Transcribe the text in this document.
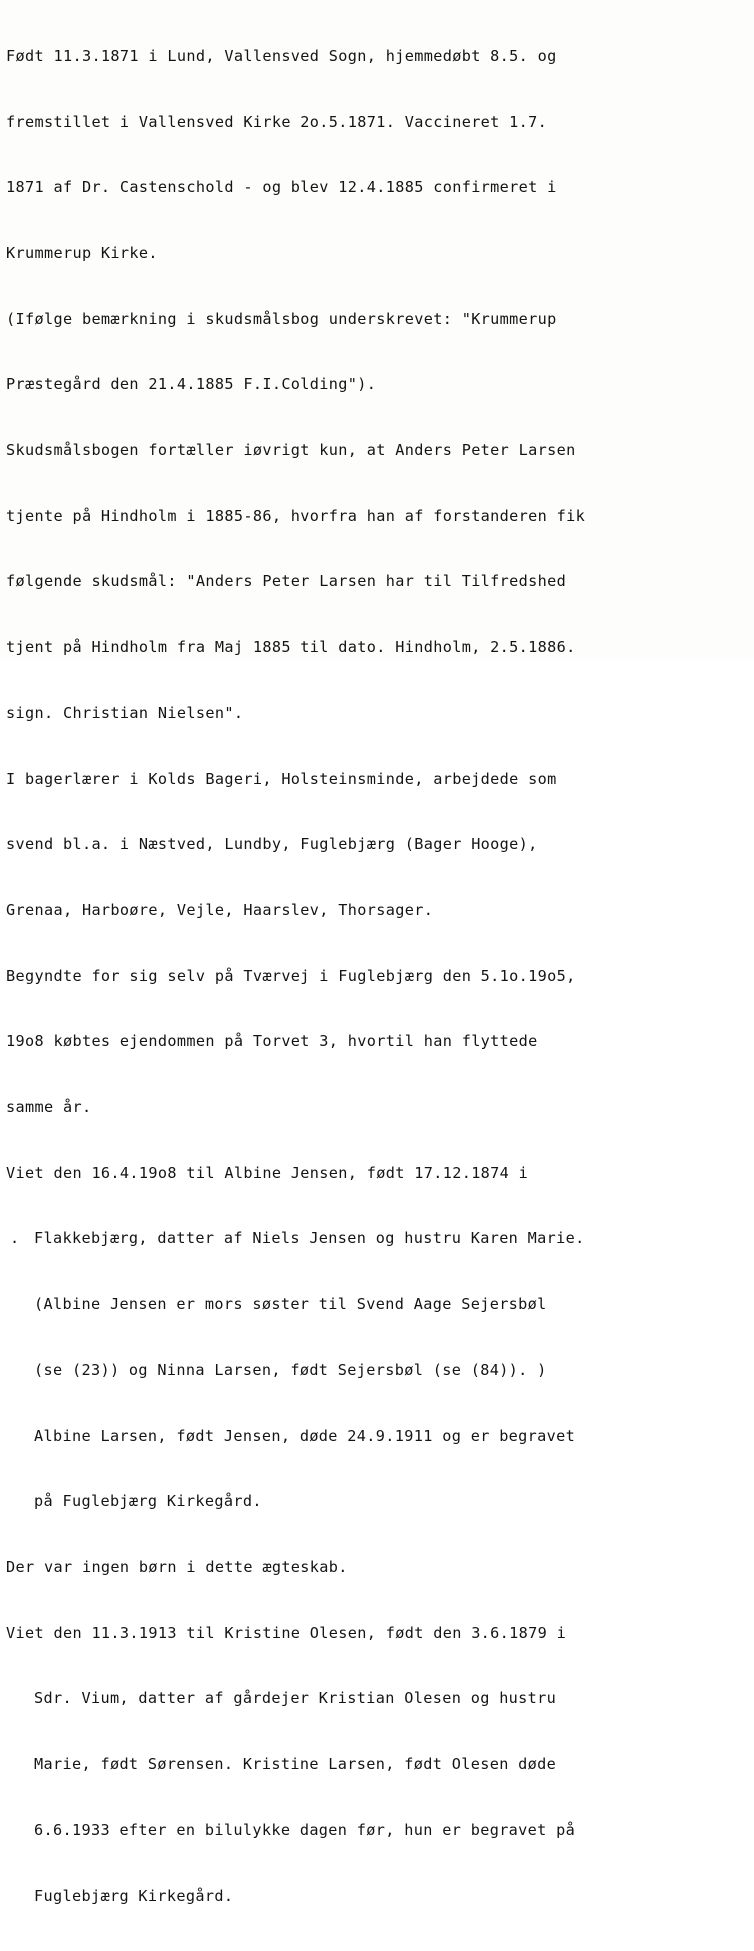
Født 11.3.1871 i Lund, Vallensved Sogn, hjemmedøbt 8.5. og

fremstillet i Vallensved Kirke 2o.5.1871. Vaccineret 1.7.

1871 af Dr. Castenschold - og blev 12.4.1885 confirmeret i

Krummerup Kirke.

(Ifølge bemærkning i skudsmålsbog underskrevet: "Krummerup

Præstegård den 21.4.1885 F.I.Colding").

Skudsmålsbogen fortæller iøvrigt kun, at Anders Peter Larsen

tjente på Hindholm i 1885-86, hvorfra han af forstanderen fik

følgende skudsmål: "Anders Peter Larsen har til Tilfredshed

tjent på Hindholm fra Maj 1885 til dato. Hindholm, 2.5.1886.

sign. Christian Nielsen".

I bagerlærer i Kolds Bageri, Holsteinsminde, arbejdede som

svend bl.a. i Næstved, Lundby, Fuglebjærg (Bager Hooge),

Grenaa, Harboøre, Vejle, Haarslev, Thorsager.

Begyndte for sig selv på Tværvej i Fuglebjærg den 5.1o.19o5,

19o8 købtes ejendommen på Torvet 3, hvortil han flyttede

samme år.

Viet den 16.4.19o8 til Albine Jensen, født 17.12.1874 i

. Flakkebjærg, datter af Niels Jensen og hustru Karen Marie.

(Albine Jensen er mors søster til Svend Aage Sejersbøl

(se (23)) og Ninna Larsen, født Sejersbøl (se (84)). )

Albine Larsen, født Jensen, døde 24.9.1911 og er begravet

på Fuglebjærg Kirkegård.

Der var ingen børn i dette ægteskab.

Viet den 11.3.1913 til Kristine Olesen, født den 3.6.1879 i

Sdr. Vium, datter af gårdejer Kristian Olesen og hustru

Marie, født Sørensen. Kristine Larsen, født Olesen døde

6.6.1933 efter en bilulykke dagen før, hun er begravet på

Fuglebjærg Kirkegård.
